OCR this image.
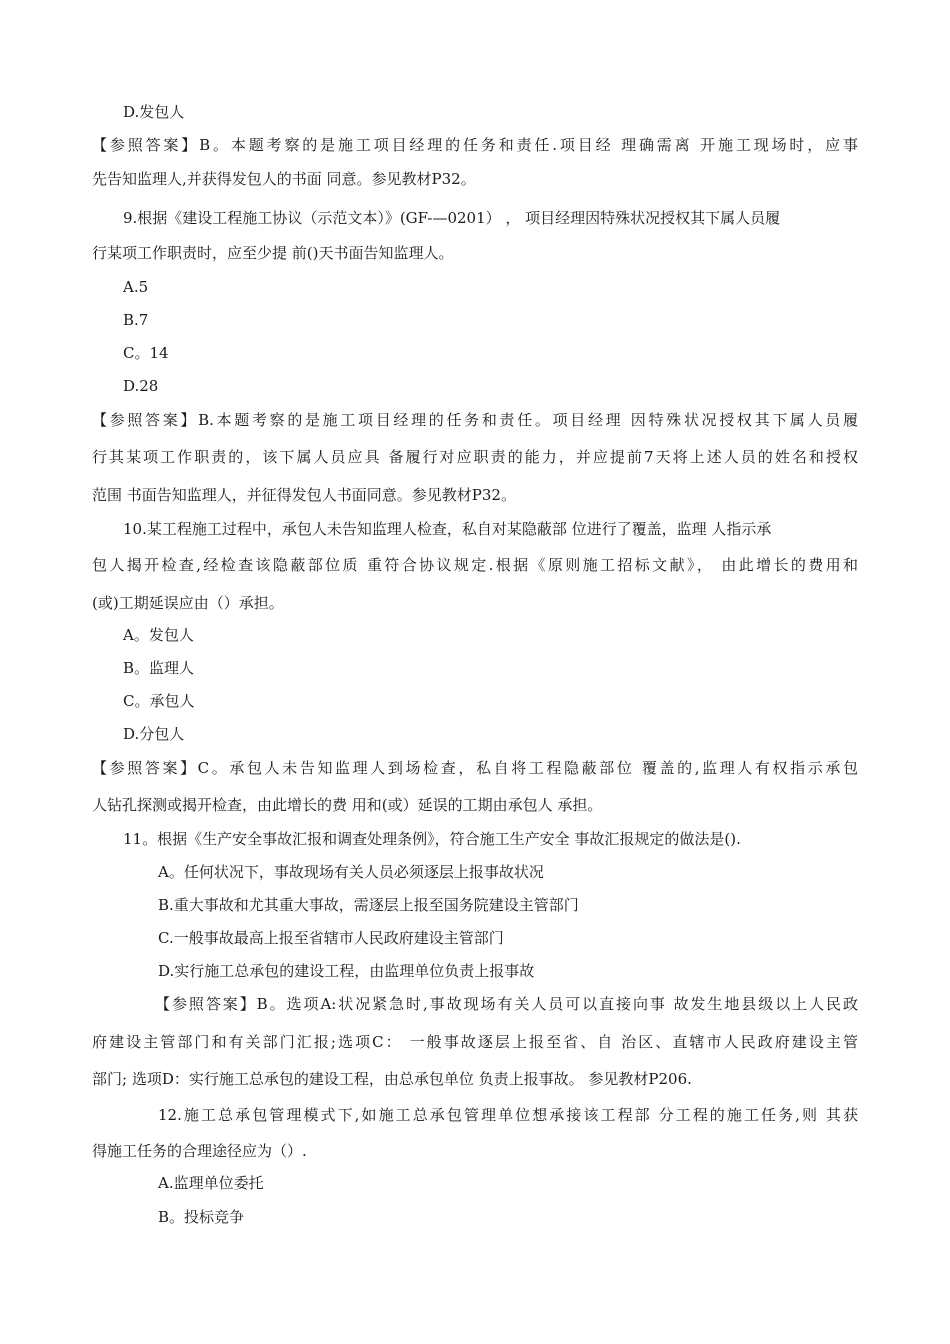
D.发包人
【参照答案】B。本题考察的是施工项目经理的任务和责任.项目经 理确需离 开施工现场时，应事
先告知监理人,并获得发包人的书面 同意。参见教材P32。
9.根据《建设工程施工协议（示范文本）》(GF-—0201） ， 项目经理因特殊状况授权其下属人员履
行某项工作职责时，应至少提 前()天书面告知监理人。
A.5
B.7
C。14
D.28
【参照答案】B.本题考察的是施工项目经理的任务和责任。项目经理 因特殊状况授权其下属人员履
行其某项工作职责的，该下属人员应具 备履行对应职责的能力，并应提前7天将上述人员的姓名和授权
范围 书面告知监理人，并征得发包人书面同意。参见教材P32。
10.某工程施工过程中，承包人未告知监理人检查，私自对某隐蔽部 位进行了覆盖，监理 人指示承
包人揭开检查,经检查该隐蔽部位质 重符合协议规定.根据《原则施工招标文献》， 由此增长的费用和
(或)工期延误应由（）承担。
A。发包人
B。监理人
C。承包人
D.分包人
【参照答案】C。承包人未告知监理人到场检查，私自将工程隐蔽部位 覆盖的,监理人有权指示承包
人钻孔探测或揭开检查，由此增长的费 用和(或）延误的工期由承包人 承担。
11。根据《生产安全事故汇报和调查处理条例》，符合施工生产安全 事故汇报规定的做法是().
A。任何状况下，事故现场有关人员必须逐层上报事故状况
B.重大事故和尤其重大事故，需逐层上报至国务院建设主管部门
C.一般事故最高上报至省辖市人民政府建设主管部门
D.实行施工总承包的建设工程，由监理单位负责上报事故
【参照答案】B。选项A:状况紧急时,事故现场有关人员可以直接向事 故发生地县级以上人民政
府建设主管部门和有关部门汇报;选项C： 一般事故逐层上报至省、自 治区、直辖市人民政府建设主管
部门; 选项D：实行施工总承包的建设工程，由总承包单位 负责上报事故。 参见教材P206.
12.施工总承包管理模式下,如施工总承包管理单位想承接该工程部 分工程的施工任务,则 其获
得施工任务的合理途径应为（）.
A.监理单位委托
B。投标竞争
